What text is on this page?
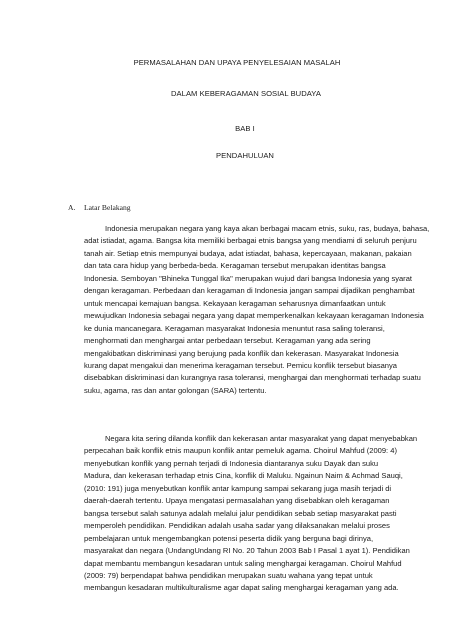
PERMASALAHAN DAN UPAYA PENYELESAIAN MASALAH
DALAM KEBERAGAMAN SOSIAL BUDAYA
BAB I
PENDAHULUAN
A. Latar Belakang
Indonesia merupakan negara yang kaya akan berbagai macam etnis, suku, ras, budaya, bahasa,
adat istiadat, agama. Bangsa kita memiliki berbagai etnis bangsa yang mendiami di seluruh penjuru
tanah air. Setiap etnis mempunyai budaya, adat istiadat, bahasa, kepercayaan, makanan, pakaian
dan tata cara hidup yang berbeda-beda. Keragaman tersebut merupakan identitas bangsa
Indonesia. Semboyan "Bhineka Tunggal Ika" merupakan wujud dari bangsa Indonesia yang syarat
dengan keragaman. Perbedaan dan keragaman di Indonesia jangan sampai dijadikan penghambat
untuk mencapai kemajuan bangsa. Kekayaan keragaman seharusnya dimanfaatkan untuk
mewujudkan Indonesia sebagai negara yang dapat memperkenalkan kekayaan keragaman Indonesia
ke dunia mancanegara. Keragaman masyarakat Indonesia menuntut rasa saling toleransi,
menghormati dan menghargai antar perbedaan tersebut. Keragaman yang ada sering
mengakibatkan diskriminasi yang berujung pada konflik dan kekerasan. Masyarakat Indonesia
kurang dapat mengakui dan menerima keragaman tersebut. Pemicu konflik tersebut biasanya
disebabkan diskriminasi dan kurangnya rasa toleransi, menghargai dan menghormati terhadap suatu
suku, agama, ras dan antar golongan (SARA) tertentu.
Negara kita sering dilanda konflik dan kekerasan antar masyarakat yang dapat menyebabkan
perpecahan baik konflik etnis maupun konflik antar pemeluk agama. Choirul Mahfud (2009: 4)
menyebutkan konflik yang pernah terjadi di Indonesia diantaranya suku Dayak dan suku
Madura, dan kekerasan terhadap etnis Cina, konflik di Maluku. Ngainun Naim & Achmad Sauqi,
(2010: 191) juga menyebutkan konflik antar kampung sampai sekarang juga masih terjadi di
daerah-daerah tertentu. Upaya mengatasi permasalahan yang disebabkan oleh keragaman
bangsa tersebut salah satunya adalah melalui jalur pendidikan sebab setiap masyarakat pasti
memperoleh pendidikan. Pendidikan adalah usaha sadar yang dilaksanakan melalui proses
pembelajaran untuk mengembangkan potensi peserta didik yang berguna bagi dirinya,
masyarakat dan negara (UndangUndang RI No. 20 Tahun 2003 Bab I Pasal 1 ayat 1). Pendidikan
dapat membantu membangun kesadaran untuk saling menghargai keragaman. Choirul Mahfud
(2009: 79) berpendapat bahwa pendidikan merupakan suatu wahana yang tepat untuk
membangun kesadaran multikulturalisme agar dapat saling menghargai keragaman yang ada.
